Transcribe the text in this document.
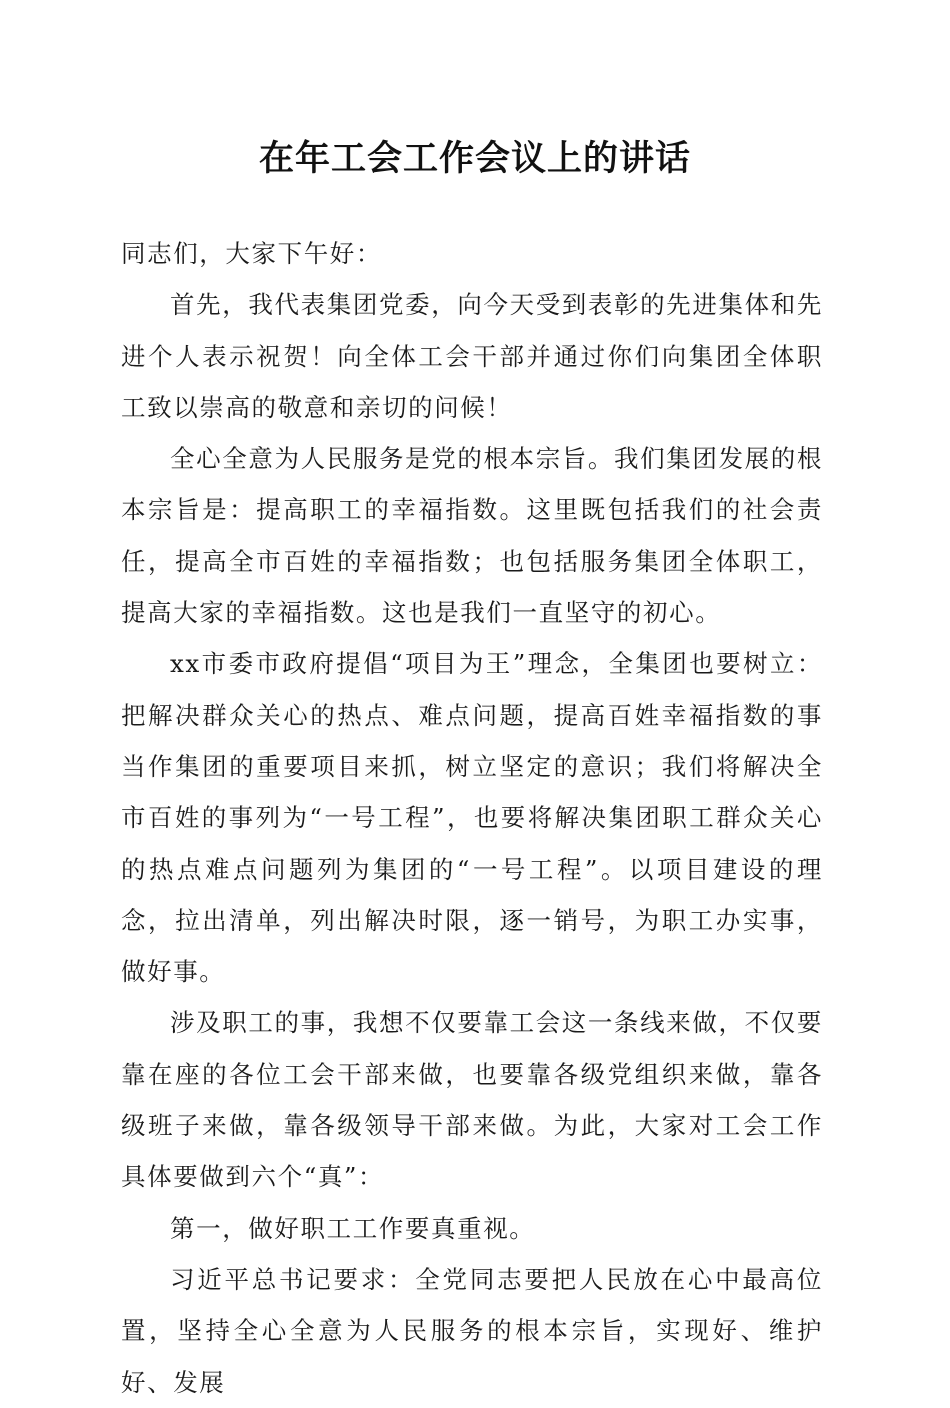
在年工会工作会议上的讲话

同志们，大家下午好：

首先，我代表集团党委，向今天受到表彰的先进集体和先进个人表示祝贺！向全体工会干部并通过你们向集团全体职工致以崇高的敬意和亲切的问候！

全心全意为人民服务是党的根本宗旨。我们集团发展的根本宗旨是：提高职工的幸福指数。这里既包括我们的社会责任，提高全市百姓的幸福指数；也包括服务集团全体职工，提高大家的幸福指数。这也是我们一直坚守的初心。

xx市委市政府提倡“项目为王”理念，全集团也要树立：把解决群众关心的热点、难点问题，提高百姓幸福指数的事当作集团的重要项目来抓，树立坚定的意识；我们将解决全市百姓的事列为“一号工程”，也要将解决集团职工群众关心的热点难点问题列为集团的“一号工程”。以项目建设的理念，拉出清单，列出解决时限，逐一销号，为职工办实事，做好事。

涉及职工的事，我想不仅要靠工会这一条线来做，不仅要靠在座的各位工会干部来做，也要靠各级党组织来做，靠各级班子来做，靠各级领导干部来做。为此，大家对工会工作具体要做到六个“真”：

第一，做好职工工作要真重视。

习近平总书记要求：全党同志要把人民放在心中最高位置，坚持全心全意为人民服务的根本宗旨，实现好、维护好、发展
